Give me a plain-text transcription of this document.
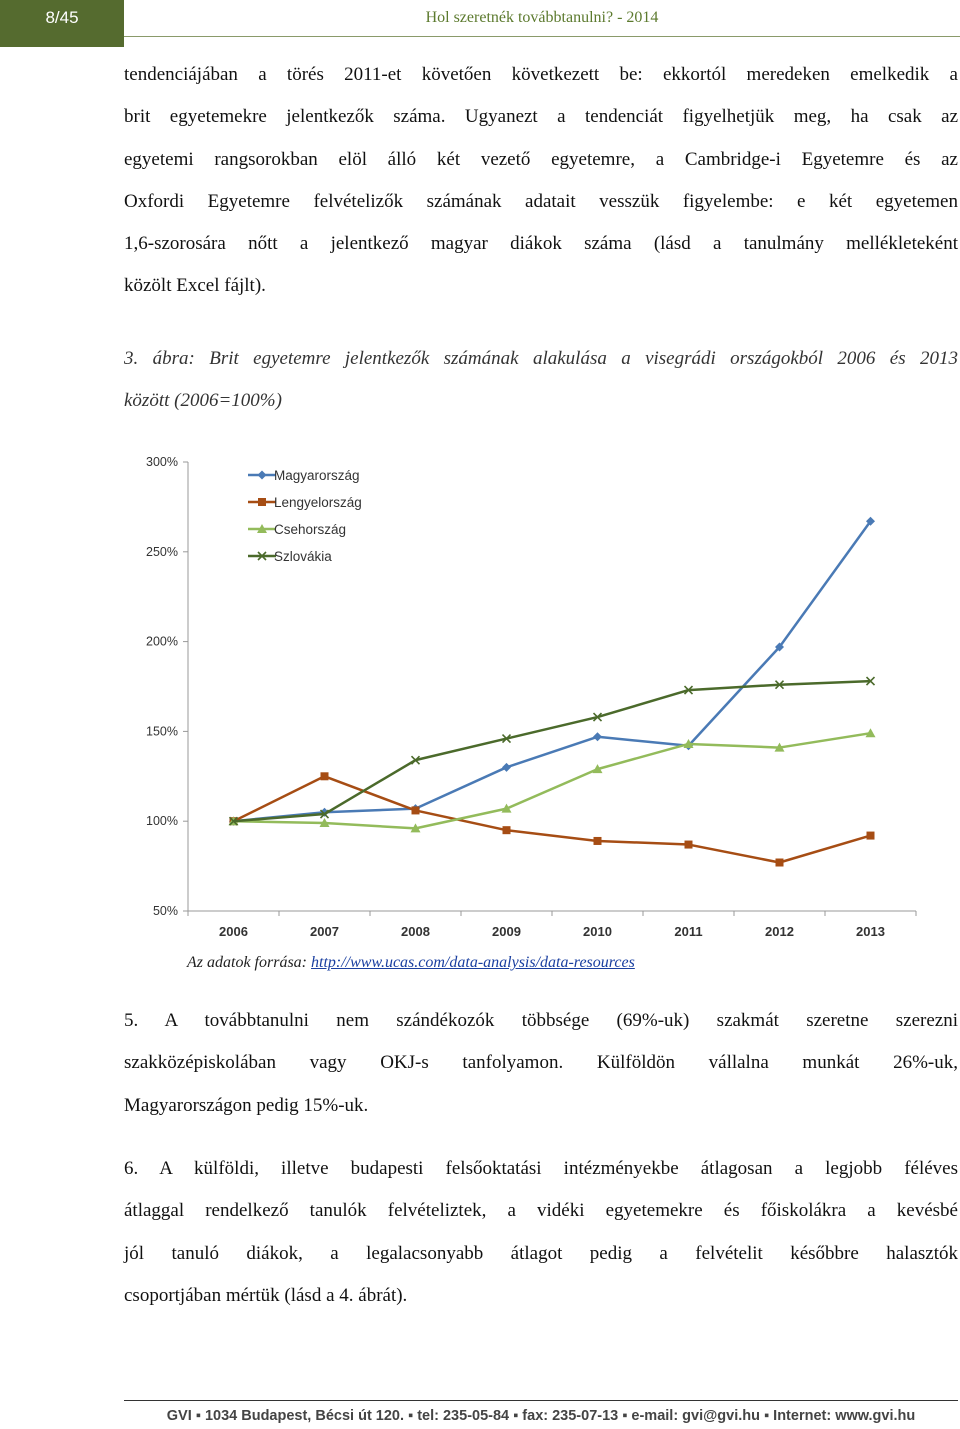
8/45	Hol szeretnék továbbtanulni? - 2014
tendenciájában a törés 2011-et követően következett be: ekkortól meredeken emelkedik a
brit egyetemekre jelentkezők száma. Ugyanezt a tendenciát figyelhetjük meg, ha csak az
egyetemi rangsorokban elöl álló két vezető egyetemre, a Cambridge-i Egyetemre és az
Oxfordi Egyetemre felvételizők számának adatait vesszük figyelembe: e két egyetemen
1,6-szorosára nőtt a jelentkező magyar diákok száma (lásd a tanulmány mellékleteként
közölt Excel fájlt).
3. ábra: Brit egyetemre jelentkezők számának alakulása a visegrádi országokból 2006 és 2013
között (2006=100%)
50%
100%
150%
200%
250%
300%
2006	2007	2008	2009	2010	2011	2012	2013
Magyarország
Lengyelország
Csehország
Szlovákia
Az adatok forrása: http://www.ucas.com/data-analysis/data-resources
5. A továbbtanulni nem szándékozók többsége (69%-uk) szakmát szeretne szerezni
szakközépiskolában vagy OKJ-s tanfolyamon. Külföldön vállalna munkát 26%-uk,
Magyarországon pedig 15%-uk.
6. A külföldi, illetve budapesti felsőoktatási intézményekbe átlagosan a legjobb féléves
átlaggal rendelkező tanulók felvételiztek, a vidéki egyetemekre és főiskolákra a kevésbé
jól tanuló diákok, a legalacsonyabb átlagot pedig a felvételit későbbre halasztók
csoportjában mértük (lásd a 4. ábrát).
GVI ▪ 1034 Budapest, Bécsi út 120. ▪ tel: 235-05-84 ▪ fax: 235-07-13 ▪ e-mail: gvi@gvi.hu ▪ Internet: www.gvi.hu
